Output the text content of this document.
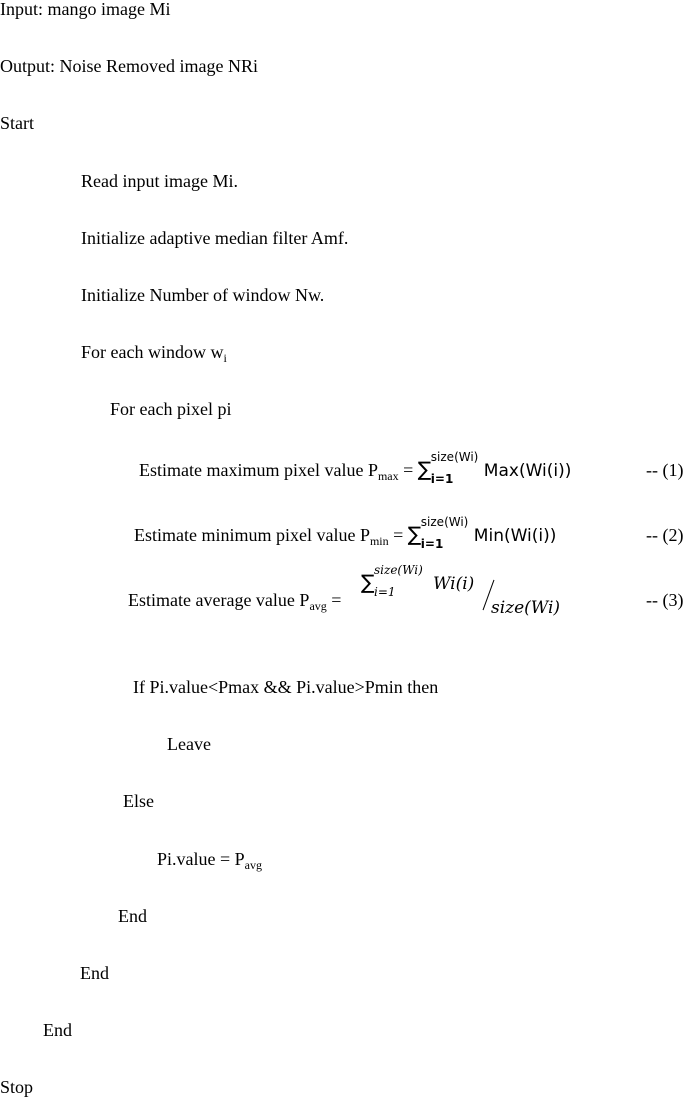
Input: mango image Mi
Output: Noise Removed image NRi
Start
Read input image Mi.
Initialize adaptive median filter Amf.
Initialize Number of window Nw.
For each window $w_i$
For each pixel pi
Estimate maximum pixel value $P_{max}$ = ∑ size(Wi)
i=1 Max(Wi(i))	-- (1)
Estimate minimum pixel value $P_{min}$ = ∑ size(Wi)
i=1 Min(Wi(i))	-- (2)
Estimate average value $P_{avg}$ =
∑ size(Wi)
i=1 Wi(i)
size(Wi)	-- (3)
If Pi.value<Pmax && Pi.value>Pmin then
Leave
Else
Pi.value = $P_{avg}$
End
End
End
Stop
